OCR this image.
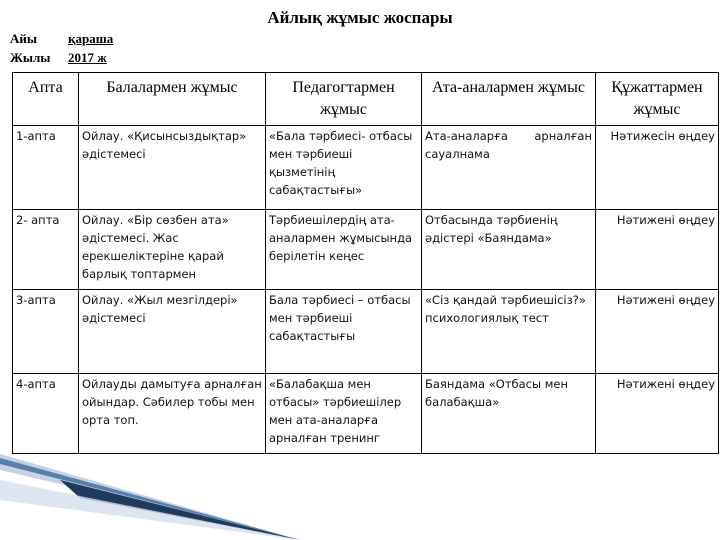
Айлық жұмыс жоспары
Айы қараша
Жылы 2017 ж
Апта	Балалармен жұмыс	Педагогтармен жұмыс	Ата-аналармен жұмыс	Құжаттармен жұмыс
1-апта	Ойлау. «Қисынсыздықтар» әдістемесі	«Бала тәрбиесі- отбасы мен тәрбиеші қызметінің сабақтастығы»	Ата-аналарға арналған сауалнама	Нәтижесін өңдеу
2- апта	Ойлау. «Бір сөзбен ата» әдістемесі. Жас ерекшеліктеріне қарай барлық топтармен	Тәрбиешілердің ата-аналармен жұмысында берілетін кеңес	Отбасында тәрбиенің әдістері «Баяндама»	Нәтижені өңдеу
3-апта	Ойлау. «Жыл мезгілдері» әдістемесі	Бала тәрбиесі – отбасы мен тәрбиеші сабақтастығы	«Сіз қандай тәрбиешісіз?» психологиялық тест	Нәтижені өңдеу
4-апта	Ойлауды дамытуға арналған ойындар. Сәбилер тобы мен орта топ.	«Балабақша мен отбасы» тәрбиешілер мен ата-аналарға арналған тренинг	Баяндама «Отбасы мен балабақша»	Нәтижені өңдеу
